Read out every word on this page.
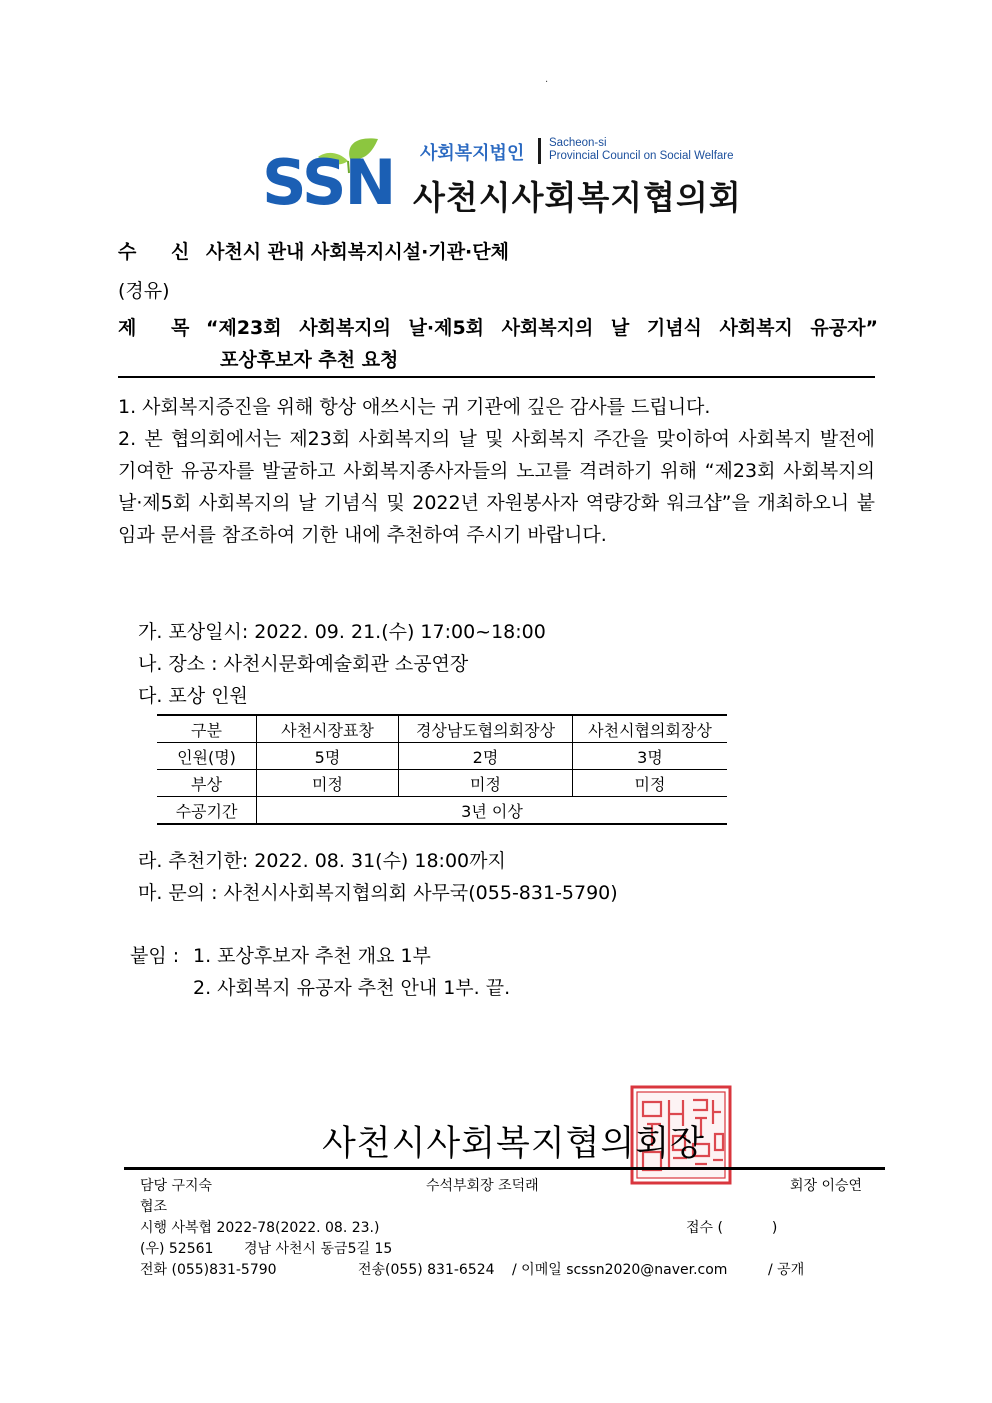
.
SSN 사회복지법인 Sacheon-si
Provincial Council on Social Welfare
사천시사회복지협의회
수 신 사천시 관내 사회복지시설·기관·단체
(경유)
제 목 “제23회 사회복지의 날·제5회 사회복지의 날 기념식 사회복지 유공자”
포상후보자 추천 요청
1. 사회복지증진을 위해 항상 애쓰시는 귀 기관에 깊은 감사를 드립니다.
2. 본 협의회에서는 제23회 사회복지의 날 및 사회복지 주간을 맞이하여 사회복지 발전에 기여한 유공자를 발굴하고 사회복지종사자들의 노고를 격려하기 위해 “제23회 사회복지의 날·제5회 사회복지의 날 기념식 및 2022년 자원봉사자 역량강화 워크샵”을 개최하오니 붙임과 문서를 참조하여 기한 내에 추천하여 주시기 바랍니다.
가. 포상일시: 2022. 09. 21.(수) 17:00~18:00
나. 장소 : 사천시문화예술회관 소공연장
다. 포상 인원
구분	사천시장표창	경상남도협의회장상	사천시협의회장상
인원(명)	5명	2명	3명
부상	미정	미정	미정
수공기간	3년 이상		
라. 추천기한: 2022. 08. 31(수) 18:00까지
마. 문의 : 사천시사회복지협의회 사무국(055-831-5790)
붙임 : 1. 포상후보자 추천 개요 1부
2. 사회복지 유공자 추천 안내 1부. 끝.
사천시사회복지협의회장
담당 구지숙	수석부회장 조덕래	회장 이승연
협조
시행 사복협 2022-78(2022. 08. 23.)	접수 (           )
(우) 52561 경남 사천시 동금5길 15
전화 (055)831-5790	전송(055) 831-6524 / 이메일 scssn2020@naver.com	/ 공개
